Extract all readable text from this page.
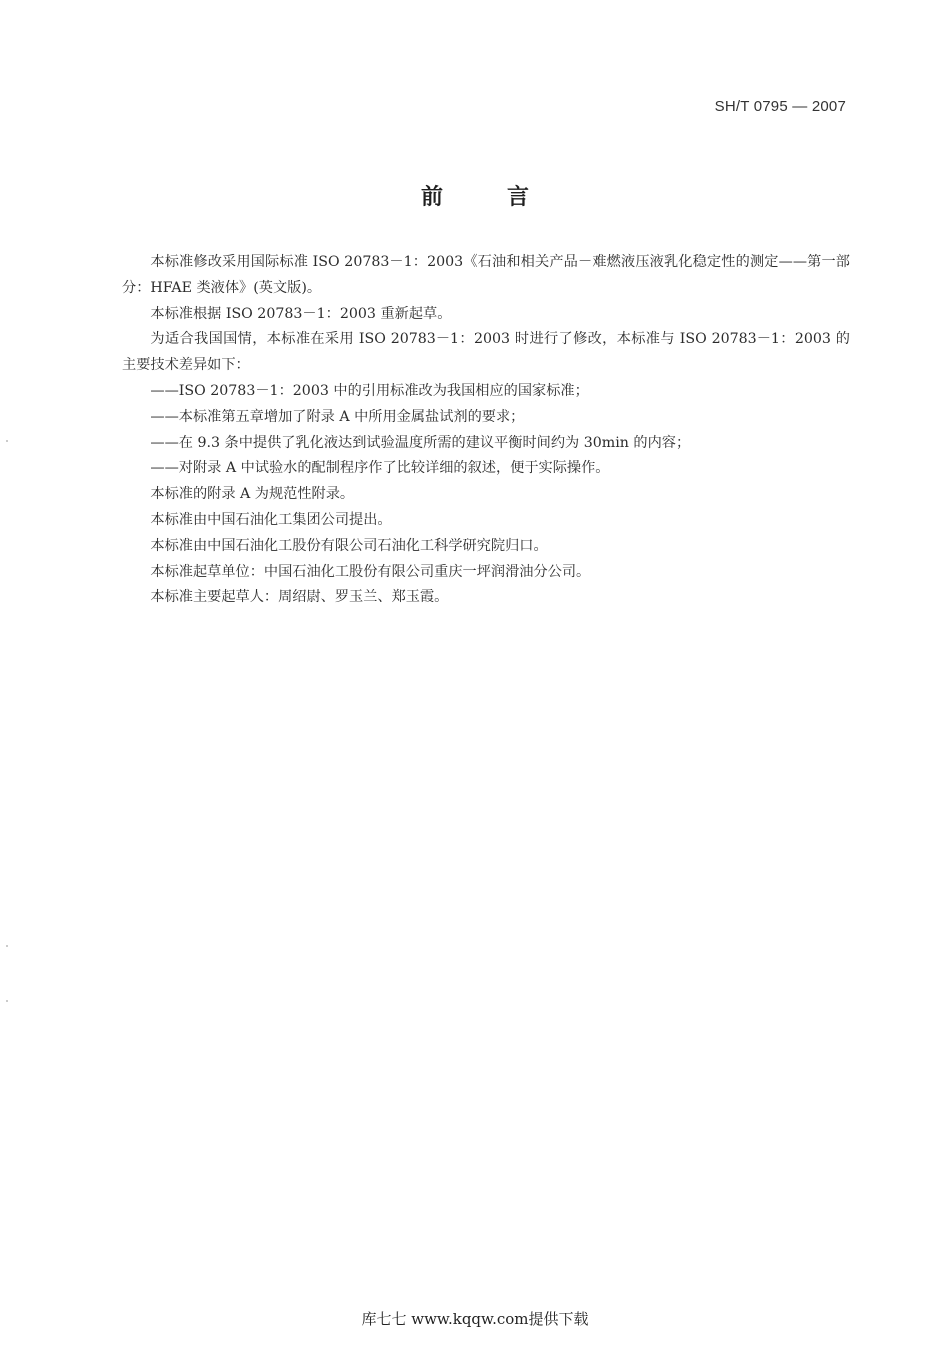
SH/T 0795 — 2007
前言

本标准修改采用国际标准 ISO 20783－1：2003《石油和相关产品－难燃液压液乳化稳定性的测定——第一部分：HFAE 类液体》(英文版)。

本标准根据 ISO 20783－1：2003 重新起草。

为适合我国国情，本标准在采用 ISO 20783－1：2003 时进行了修改，本标准与 ISO 20783－1：2003 的主要技术差异如下：

——ISO 20783－1：2003 中的引用标准改为我国相应的国家标准；

——本标准第五章增加了附录 A 中所用金属盐试剂的要求；

——在 9.3 条中提供了乳化液达到试验温度所需的建议平衡时间约为 30min 的内容；

——对附录 A 中试验水的配制程序作了比较详细的叙述，便于实际操作。

本标准的附录 A 为规范性附录。

本标准由中国石油化工集团公司提出。

本标准由中国石油化工股份有限公司石油化工科学研究院归口。

本标准起草单位：中国石油化工股份有限公司重庆一坪润滑油分公司。

本标准主要起草人：周绍尉、罗玉兰、郑玉霞。

库七七 www.kqqw.com提供下载
